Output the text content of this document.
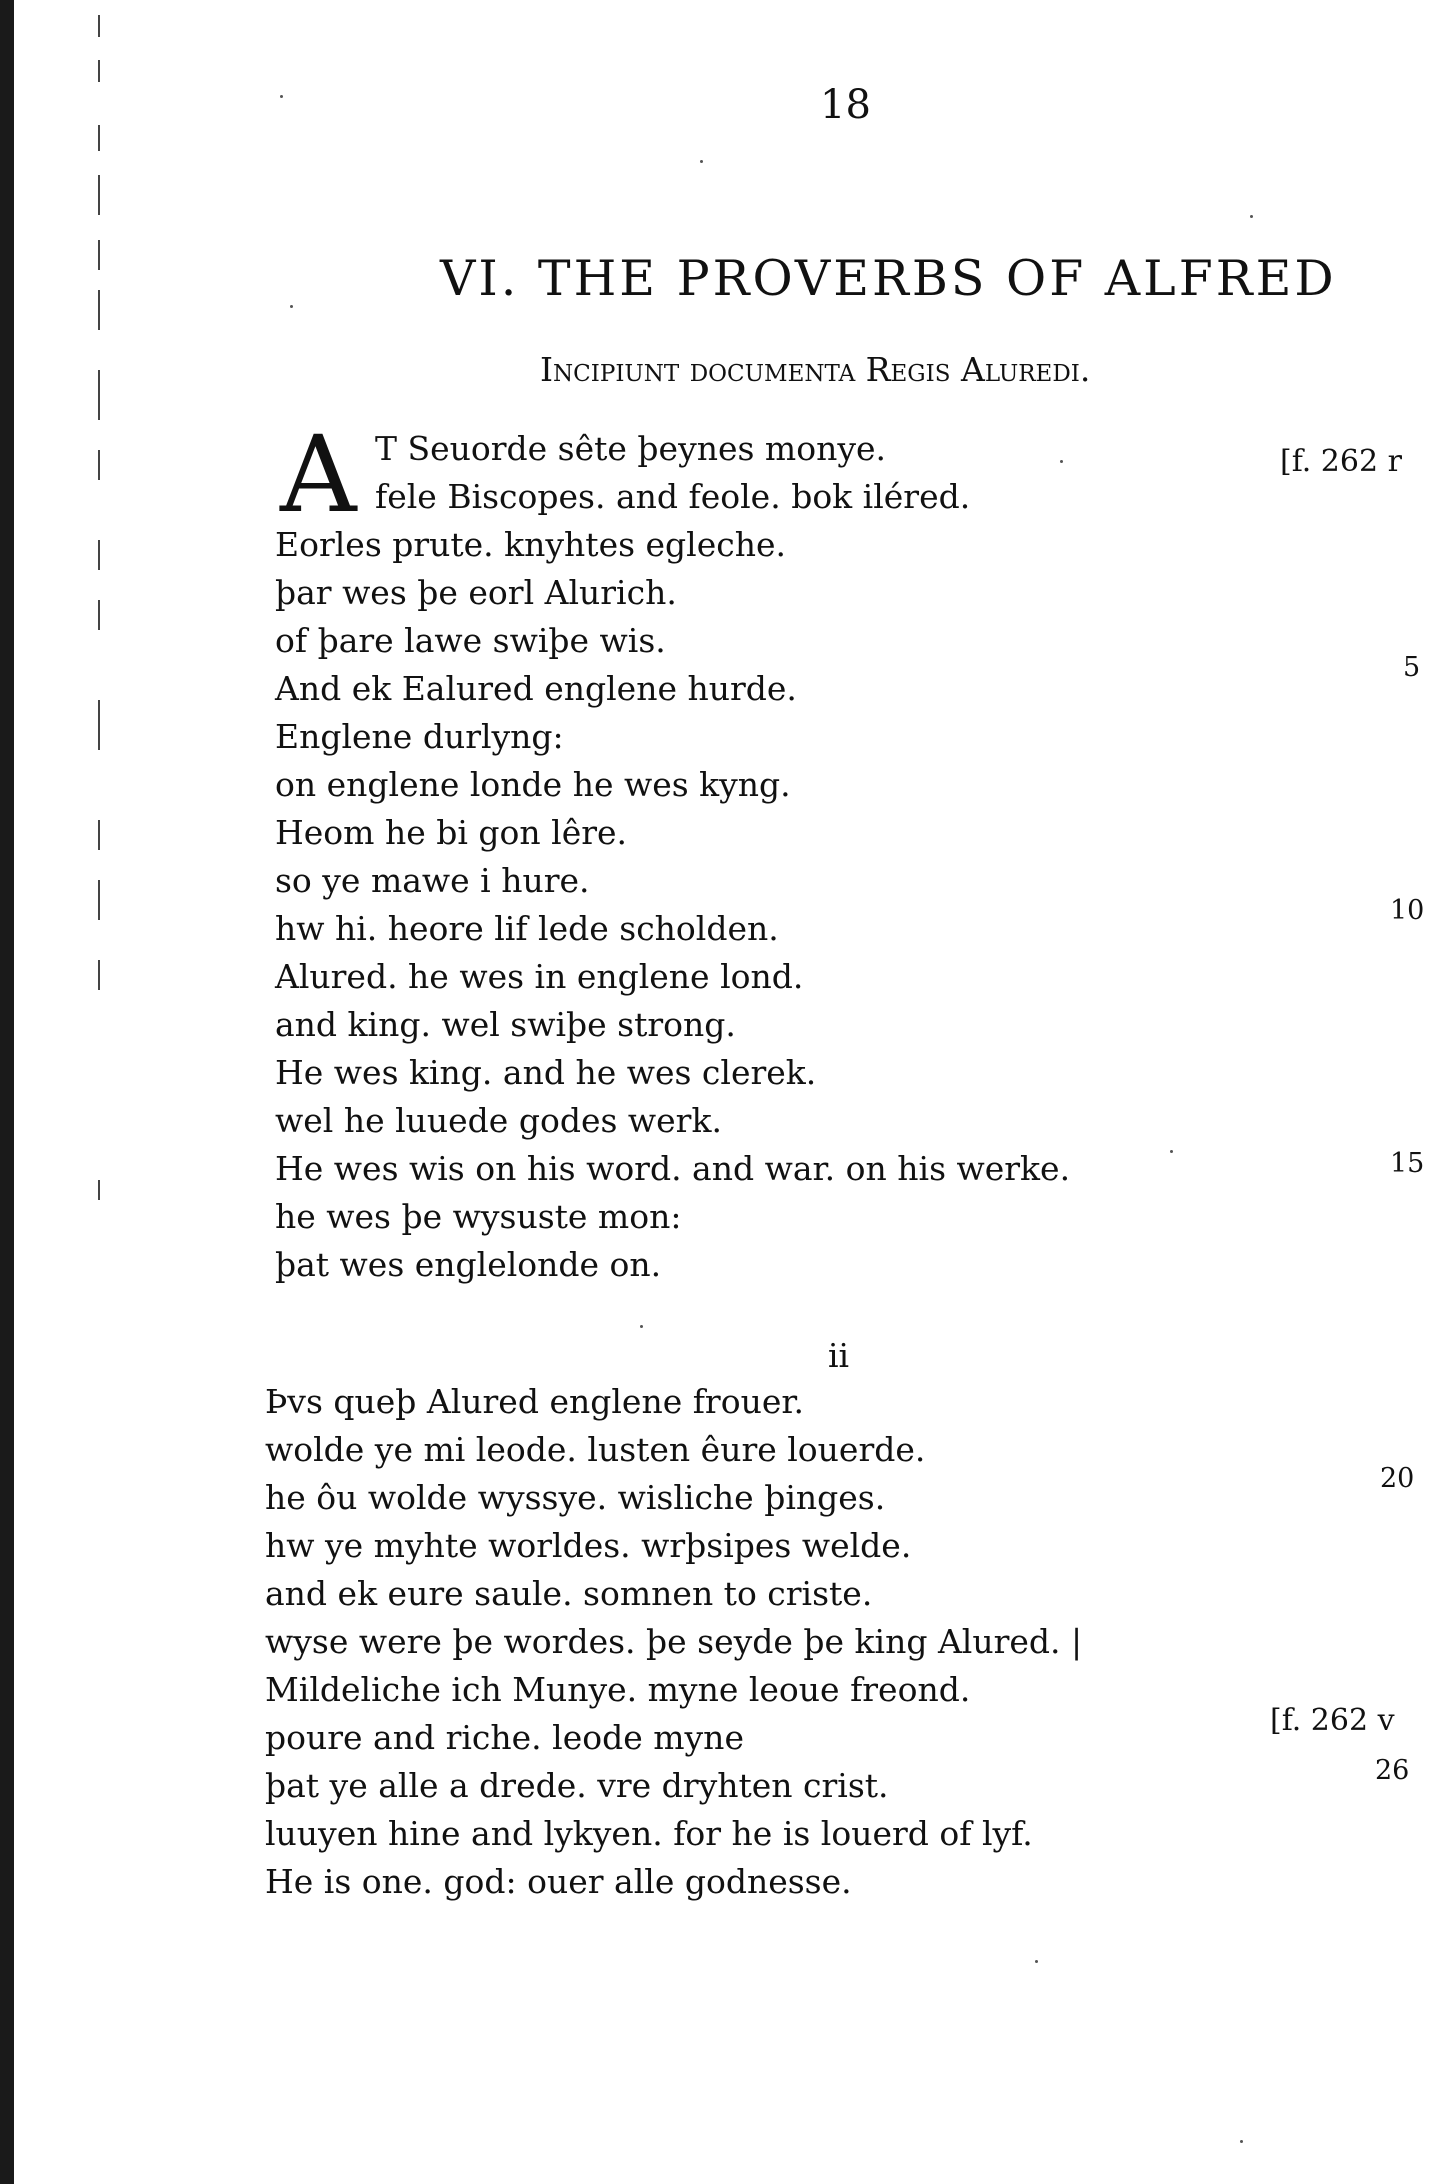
18
VI. THE PROVERBS OF ALFRED
Incipiunt documenta Regis Aluredi.
A T Seuorde sête þeynes monye.
fele Biscopes. and feole. bok iléred.
Eorles prute. knyhtes egleche.
þar wes þe eorl Alurich.
of þare lawe swiþe wis.
And ek Ealured englene hurde.
Englene durlyng:
on englene londe he wes kyng.
Heom he bi gon lêre.
so ye mawe i hure.
hw hi. heore lif lede scholden.
Alured. he wes in englene lond.
and king. wel swiþe strong.
He wes king. and he wes clerek.
wel he luuede godes werk.
He wes wis on his word. and war. on his werke.
he wes þe wysuste mon:
þat wes englelonde on.
ii
Þvs queþ Alured englene frouer.
wolde ye mi leode. lusten êure louerde.
he ôu wolde wyssye. wisliche þinges.
hw ye myhte worldes. wrþsipes welde.
and ek eure saule. somnen to criste.
wyse were þe wordes. þe seyde þe king Alured. |
Mildeliche ich Munye. myne leoue freond.
poure and riche. leode myne
þat ye alle a drede. vre dryhten crist.
luuyen hine and lykyen. for he is louerd of lyf.
He is one. god: ouer alle godnesse.
[f. 262 r
[f. 262 v
5
10
15
20
26
